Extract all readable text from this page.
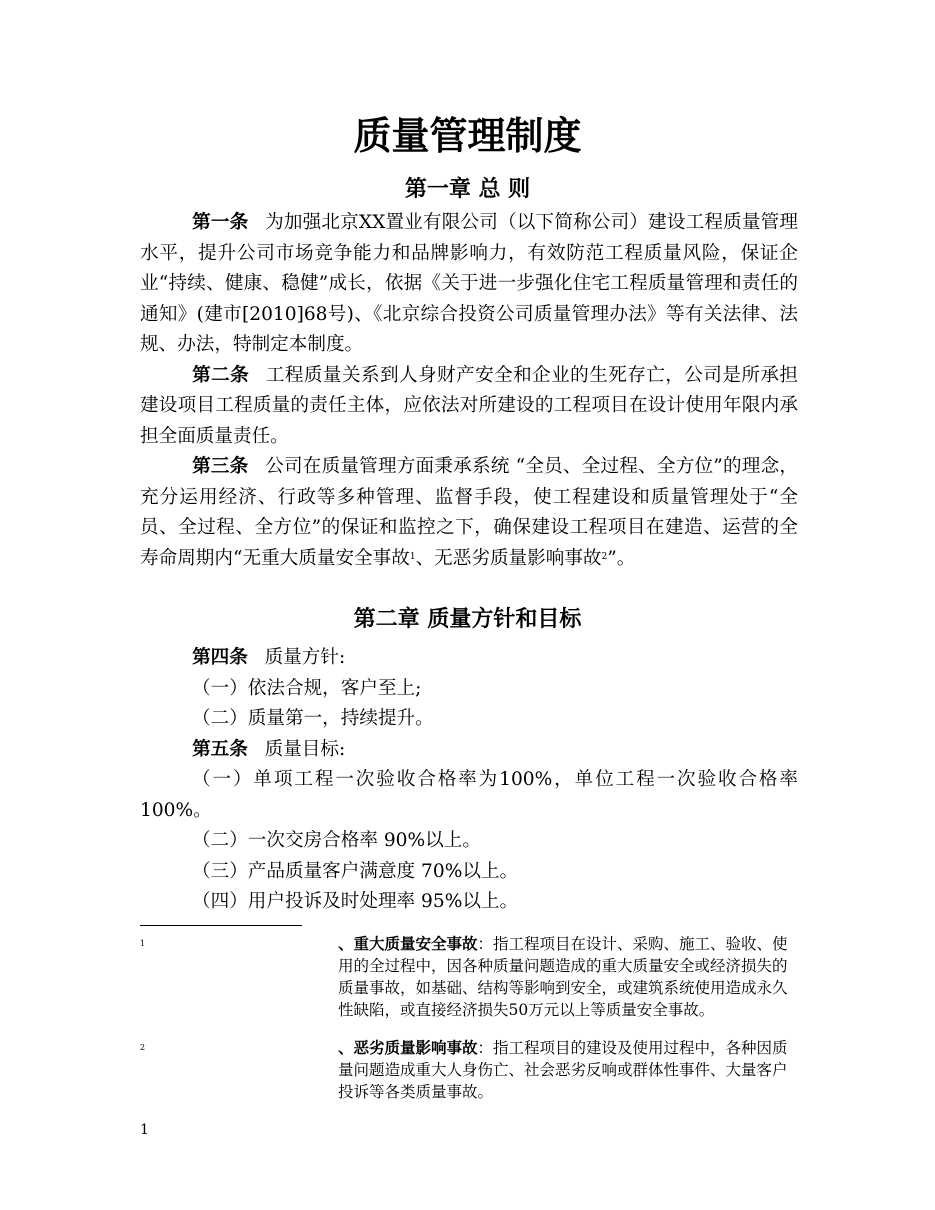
质量管理制度
第一章 总 则

第一条 为加强北京XX置业有限公司（以下简称公司）建设工程质量管理水平，提升公司市场竞争能力和品牌影响力，有效防范工程质量风险，保证企业“持续、健康、稳健”成长，依据《关于进一步强化住宅工程质量管理和责任的通知》(建市[2010]68号)、《北京综合投资公司质量管理办法》等有关法律、法规、办法，特制定本制度。

第二条 工程质量关系到人身财产安全和企业的生死存亡，公司是所承担建设项目工程质量的责任主体，应依法对所建设的工程项目在设计使用年限内承担全面质量责任。

第三条 公司在质量管理方面秉承系统 “全员、全过程、全方位”的理念，充分运用经济、行政等多种管理、监督手段，使工程建设和质量管理处于“全员、全过程、全方位”的保证和监控之下，确保建设工程项目在建造、运营的全寿命周期内“无重大质量安全事故$^1$、无恶劣质量影响事故$^2$”。

第二章 质量方针和目标

第四条 质量方针:

（一）依法合规，客户至上;

（二）质量第一，持续提升。

第五条 质量目标:

（一）单项工程一次验收合格率为100%，单位工程一次验收合格率100%。

（二）一次交房合格率 90%以上。

（三）产品质量客户满意度 70%以上。

（四）用户投诉及时处理率 95%以上。

1	、重大质量安全事故：指工程项目在设计、采购、施工、验收、使用的全过程中，因各种质量问题造成的重大质量安全或经济损失的质量事故，如基础、结构等影响到安全，或建筑系统使用造成永久性缺陷，或直接经济损失50万元以上等质量安全事故。
2	、恶劣质量影响事故：指工程项目的建设及使用过程中，各种因质量问题造成重大人身伤亡、社会恶劣反响或群体性事件、大量客户投诉等各类质量事故。
1
